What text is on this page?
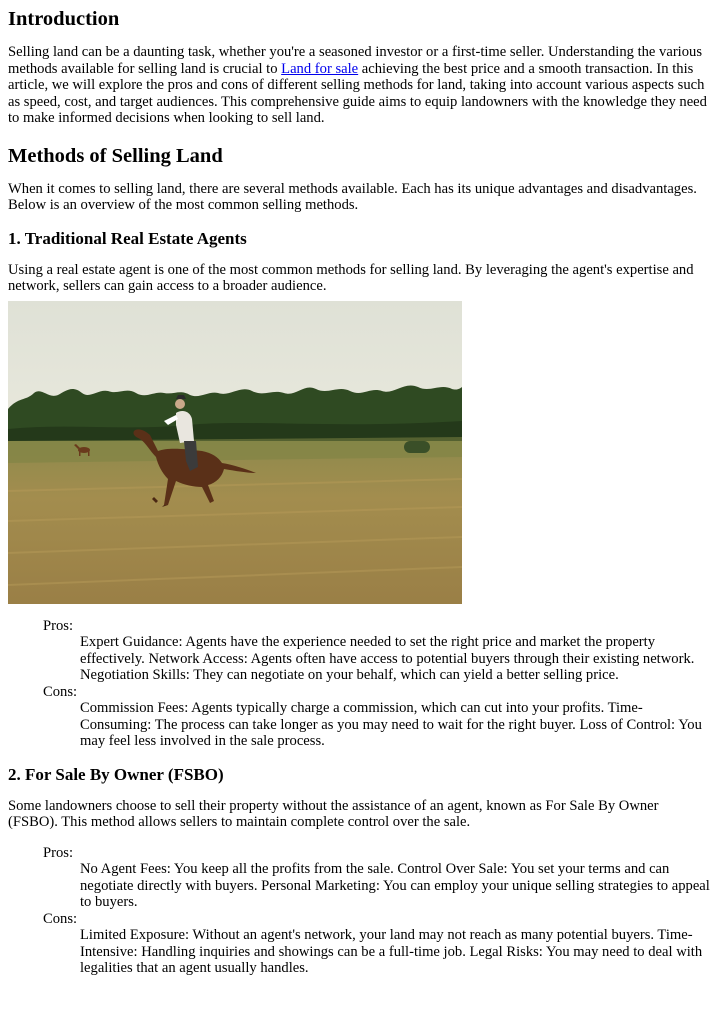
Introduction

Selling land can be a daunting task, whether you're a seasoned investor or a first-time seller. Understanding the various methods available for selling land is crucial to Land for sale achieving the best price and a smooth transaction. In this article, we will explore the pros and cons of different selling methods for land, taking into account various aspects such as speed, cost, and target audiences. This comprehensive guide aims to equip landowners with the knowledge they need to make informed decisions when looking to sell land.

Methods of Selling Land

When it comes to selling land, there are several methods available. Each has its unique advantages and disadvantages. Below is an overview of the most common selling methods.

1. Traditional Real Estate Agents

Using a real estate agent is one of the most common methods for selling land. By leveraging the agent's expertise and network, sellers can gain access to a broader audience.

Pros:
Expert Guidance: Agents have the experience needed to set the right price and market the property effectively. Network Access: Agents often have access to potential buyers through their existing network. Negotiation Skills: They can negotiate on your behalf, which can yield a better selling price.
Cons:
Commission Fees: Agents typically charge a commission, which can cut into your profits. Time-Consuming: The process can take longer as you may need to wait for the right buyer. Loss of Control: You may feel less involved in the sale process.
2. For Sale By Owner (FSBO)

Some landowners choose to sell their property without the assistance of an agent, known as For Sale By Owner (FSBO). This method allows sellers to maintain complete control over the sale.

Pros:
No Agent Fees: You keep all the profits from the sale. Control Over Sale: You set your terms and can negotiate directly with buyers. Personal Marketing: You can employ your unique selling strategies to appeal to buyers.
Cons:
Limited Exposure: Without an agent's network, your land may not reach as many potential buyers. Time-Intensive: Handling inquiries and showings can be a full-time job. Legal Risks: You may need to deal with legalities that an agent usually handles.
